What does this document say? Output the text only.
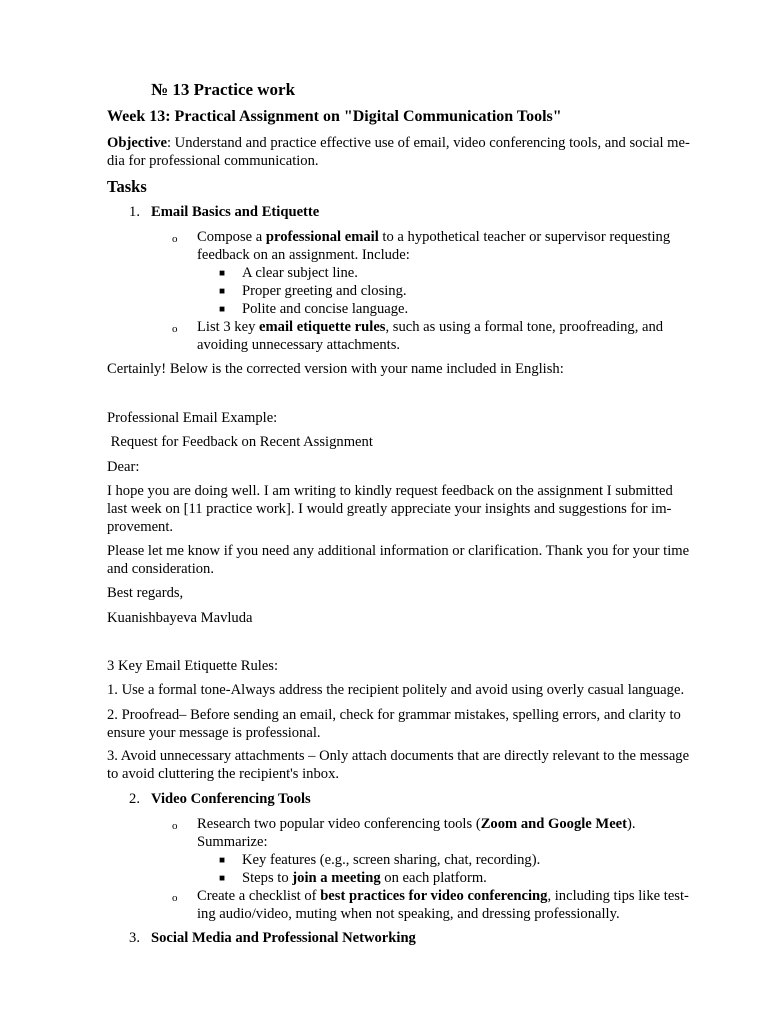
№ 13 Practice work
Week 13: Practical Assignment on "Digital Communication Tools"
Objective: Understand and practice effective use of email, video conferencing tools, and social me-
dia for professional communication.
Tasks
1. Email Basics and Etiquette
o Compose a professional email to a hypothetical teacher or supervisor requesting
feedback on an assignment. Include:
■ A clear subject line.
■ Proper greeting and closing.
■ Polite and concise language.
o List 3 key email etiquette rules, such as using a formal tone, proofreading, and
avoiding unnecessary attachments.
Certainly! Below is the corrected version with your name included in English:
Professional Email Example:
Request for Feedback on Recent Assignment
Dear:
I hope you are doing well. I am writing to kindly request feedback on the assignment I submitted
last week on [11 practice work]. I would greatly appreciate your insights and suggestions for im-
provement.
Please let me know if you need any additional information or clarification. Thank you for your time
and consideration.
Best regards,
Kuanishbayeva Mavluda
3 Key Email Etiquette Rules:
1. Use a formal tone-Always address the recipient politely and avoid using overly casual language.
2. Proofread– Before sending an email, check for grammar mistakes, spelling errors, and clarity to
ensure your message is professional.
3. Avoid unnecessary attachments – Only attach documents that are directly relevant to the message
to avoid cluttering the recipient's inbox.
2. Video Conferencing Tools
o Research two popular video conferencing tools (Zoom and Google Meet).
Summarize:
■ Key features (e.g., screen sharing, chat, recording).
■ Steps to join a meeting on each platform.
o Create a checklist of best practices for video conferencing, including tips like test-
ing audio/video, muting when not speaking, and dressing professionally.
3. Social Media and Professional Networking
